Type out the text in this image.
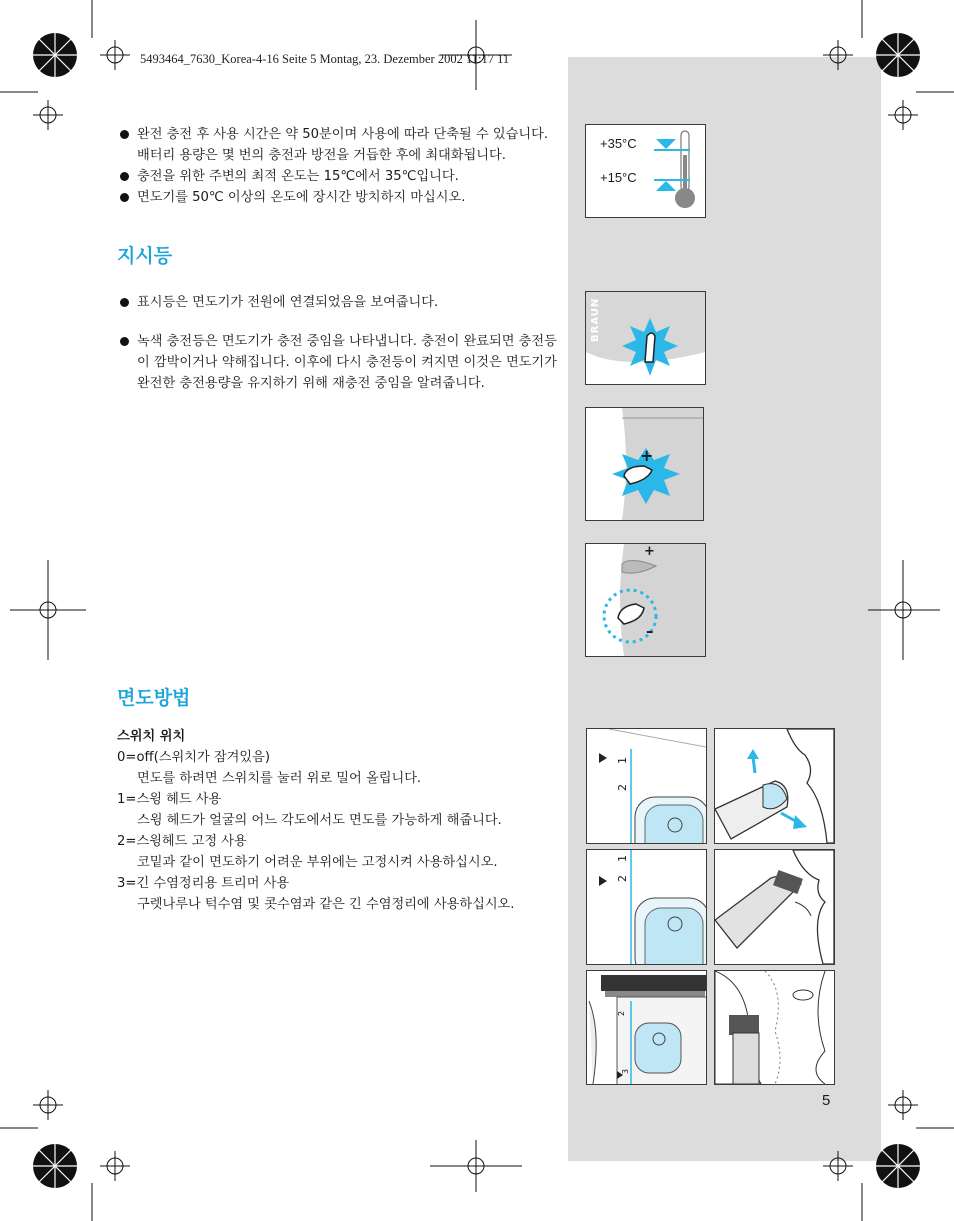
5493464_7630_Korea-4-16 Seite 5 Montag, 23. Dezember 2002 11:17 11
완전 충전 후 사용 시간은 약 50분이며 사용에 따라 단축될 수 있습니다. 배터리 용량은 몇 번의 충전과 방전을 거듭한 후에 최대화됩니다.
충전을 위한 주변의 최적 온도는 15℃에서 35℃입니다.
면도기를 50℃ 이상의 온도에 장시간 방치하지 마십시오.
지시등
표시등은 면도기가 전원에 연결되었음을 보여줍니다.
녹색 충전등은 면도기가 충전 중임을 나타냅니다. 충전이 완료되면 충전등이 깜박이거나 약해집니다. 이후에 다시 충전등이 켜지면 이것은 면도기가 완전한 충전용량을 유지하기 위해 재충전 중임을 알려줍니다.
면도방법
스위치 위치
0=off(스위치가 잠겨있음)
면도를 하려면 스위치를 눌러 위로 밀어 올립니다.
1=스윙 헤드 사용
스윙 헤드가 얼굴의 어느 각도에서도 면도를 가능하게 해줍니다.
2=스윙헤드 고정 사용
코밑과 같이 면도하기 어려운 부위에는 고정시켜 사용하십시오.
3=긴 수염정리용 트리머 사용
구렛나루나 턱수염 및 콧수염과 같은 긴 수염정리에 사용하십시오.
+35°C
+15°C
BRAUN
+
+
–
1
2
1
2
2
3
5
